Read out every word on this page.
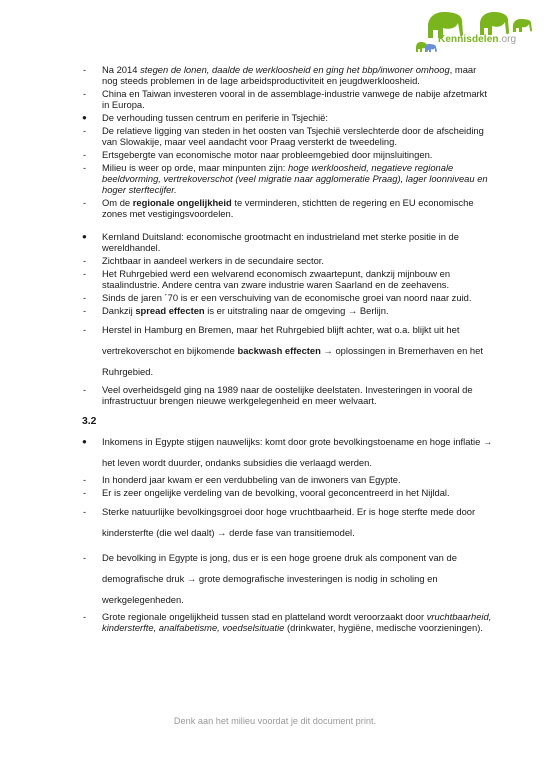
Kennisdelen.org
-	Na 2014 stegen de lonen, daalde de werkloosheid en ging het bbp/inwoner omhoog, maar nog steeds problemen in de lage arbeidsproductiviteit en jeugdwerkloosheid.
-	China en Taiwan investeren vooral in de assemblage-industrie vanwege de nabije afzetmarkt in Europa.
●	De verhouding tussen centrum en periferie in Tsjechië:
-	De relatieve ligging van steden in het oosten van Tsjechië verslechterde door de afscheiding van Slowakije, maar veel aandacht voor Praag versterkt de tweedeling.
-	Ertsgebergte van economische motor naar probleemgebied door mijnsluitingen.
-	Milieu is weer op orde, maar minpunten zijn: hoge werkloosheid, negatieve regionale beeldvorming, vertrekoverschot (veel migratie naar agglomeratie Praag), lager loonniveau en hoger sterftecijfer.
-	Om de regionale ongelijkheid te verminderen, stichtten de regering en EU economische zones met vestigingsvoordelen.
●	Kernland Duitsland: economische grootmacht en industrieland met sterke positie in de wereldhandel.
-	Zichtbaar in aandeel werkers in de secundaire sector.
-	Het Ruhrgebied werd een welvarend economisch zwaartepunt, dankzij mijnbouw en staalindustrie. Andere centra van zware industrie waren Saarland en de zeehavens.
-	Sinds de jaren ´70 is er een verschuiving van de economische groei van noord naar zuid.
-	Dankzij spread effecten is er uitstraling naar de omgeving → Berlijn.
-	Herstel in Hamburg en Bremen, maar het Ruhrgebied blijft achter, wat o.a. blijkt uit het vertrekoverschot en bijkomende backwash effecten → oplossingen in Bremerhaven en het Ruhrgebied.
-	Veel overheidsgeld ging na 1989 naar de oostelijke deelstaten. Investeringen in vooral de infrastructuur brengen nieuwe werkgelegenheid en meer welvaart.
3.2
●	Inkomens in Egypte stijgen nauwelijks: komt door grote bevolkingstoename en hoge inflatie → het leven wordt duurder, ondanks subsidies die verlaagd werden.
-	In honderd jaar kwam er een verdubbeling van de inwoners van Egypte.
-	Er is zeer ongelijke verdeling van de bevolking, vooral geconcentreerd in het Nijldal.
-	Sterke natuurlijke bevolkingsgroei door hoge vruchtbaarheid. Er is hoge sterfte mede door kindersterfte (die wel daalt) → derde fase van transitiemodel.
-	De bevolking in Egypte is jong, dus er is een hoge groene druk als component van de demografische druk → grote demografische investeringen is nodig in scholing en werkgelegenheden.
-	Grote regionale ongelijkheid tussen stad en platteland wordt veroorzaakt door vruchtbaarheid, kindersterfte, analfabetisme, voedselsituatie (drinkwater, hygiëne, medische voorzieningen).
Denk aan het milieu voordat je dit document print.
